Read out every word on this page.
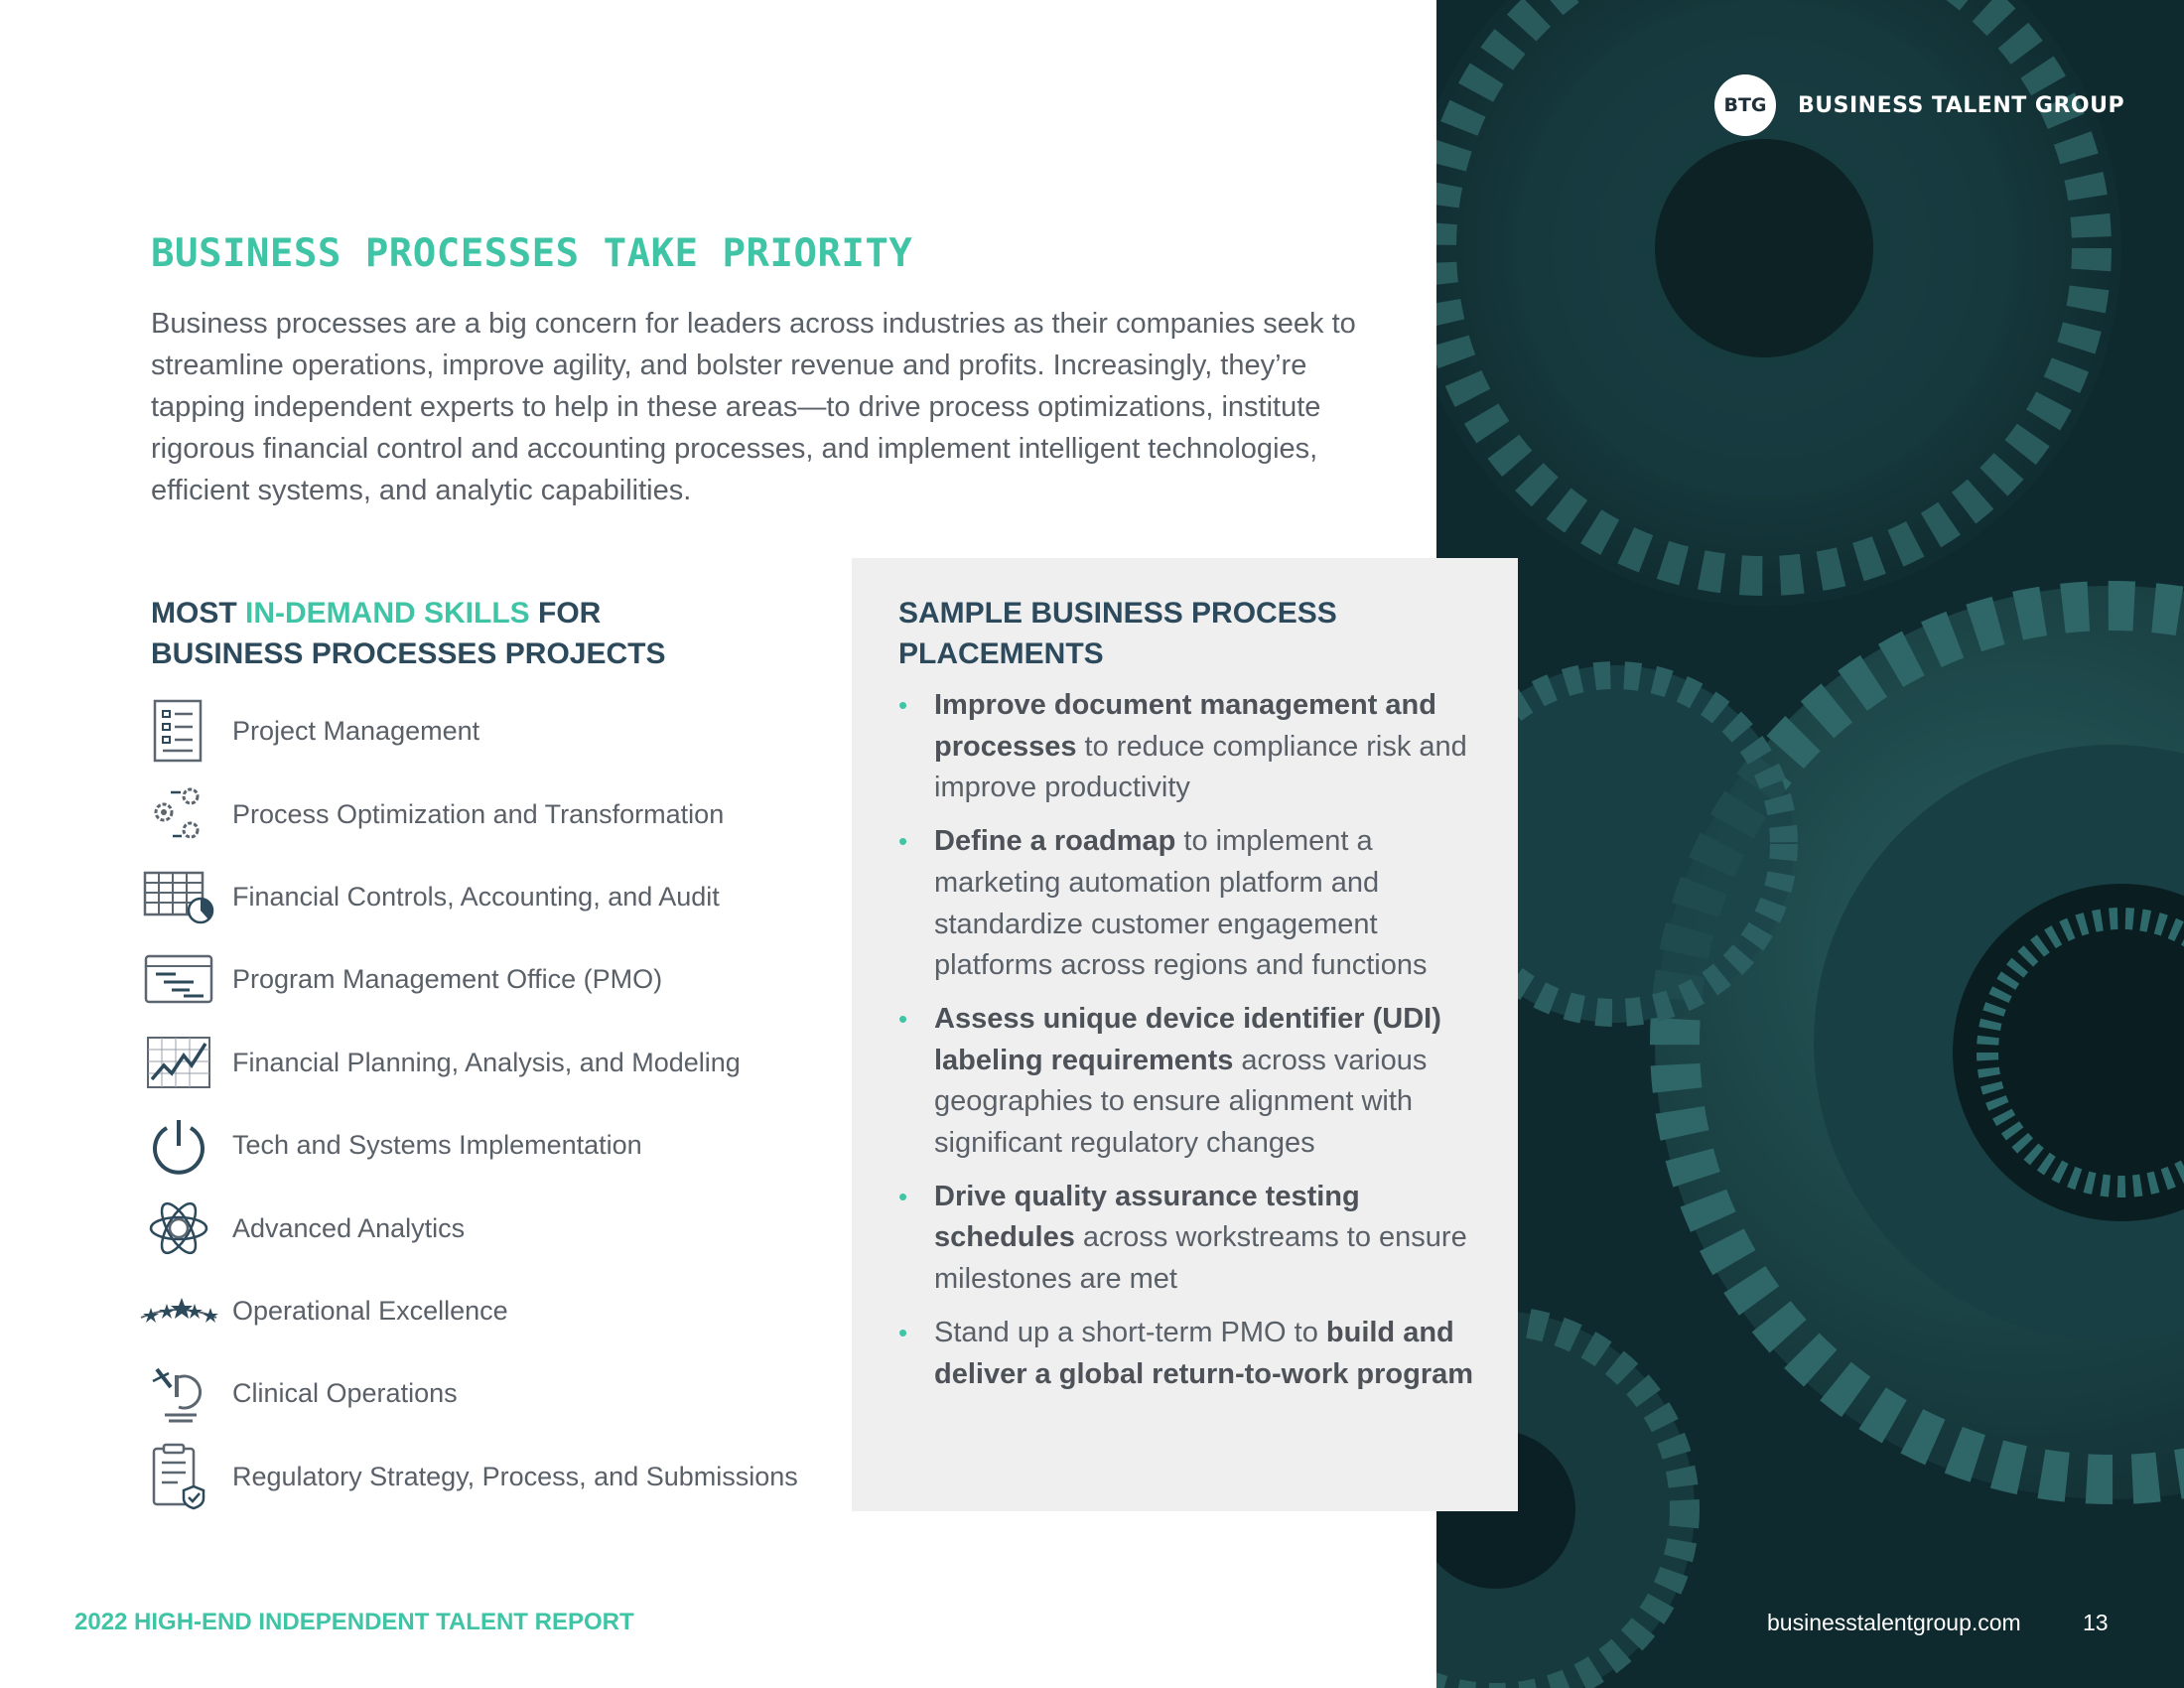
BTG	BUSINESS TALENT GROUP
BUSINESS PROCESSES TAKE PRIORITY

Business processes are a big concern for leaders across industries as their companies seek to streamline operations, improve agility, and bolster revenue and profits. Increasingly, they’re tapping independent experts to help in these areas—to drive process optimizations, institute rigorous financial control and accounting processes, and implement intelligent technologies, efficient systems, and analytic capabilities.

MOST IN-DEMAND SKILLS FOR
BUSINESS PROCESSES PROJECTS
Project Management
Process Optimization and Transformation
Financial Controls, Accounting, and Audit
Program Management Office (PMO)
Financial Planning, Analysis, and Modeling
Tech and Systems Implementation
Advanced Analytics
Operational Excellence
Clinical Operations
Regulatory Strategy, Process, and Submissions
SAMPLE BUSINESS PROCESS
PLACEMENTS
• Improve document management and processes to reduce compliance risk and improve productivity
• Define a roadmap to implement a marketing automation platform and standardize customer engagement platforms across regions and functions
• Assess unique device identifier (UDI) labeling requirements across various geographies to ensure alignment with significant regulatory changes
• Drive quality assurance testing schedules across workstreams to ensure milestones are met
• Stand up a short-term PMO to build and deliver a global return-to-work program
2022 HIGH-END INDEPENDENT TALENT REPORT	businesstalentgroup.com	13
